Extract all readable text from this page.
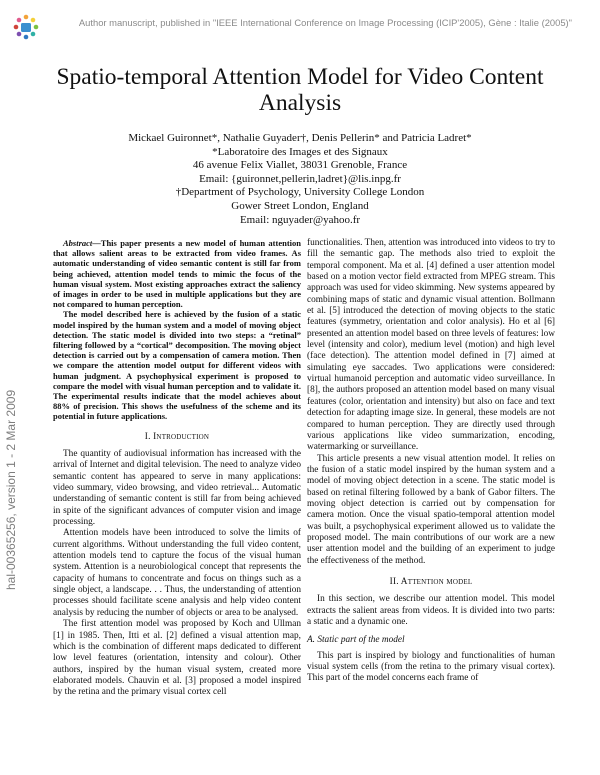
Author manuscript, published in "IEEE International Conference on Image Processing (ICIP'2005), Gène : Italie (2005)"
hal-00365256, version 1 - 2 Mar 2009
Spatio-temporal Attention Model for Video Content Analysis
Mickael Guironnet*, Nathalie Guyader†, Denis Pellerin* and Patricia Ladret*
*Laboratoire des Images et des Signaux
46 avenue Felix Viallet, 38031 Grenoble, France
Email: {guironnet,pellerin,ladret}@lis.inpg.fr
†Department of Psychology, University College London
Gower Street London, England
Email: nguyader@yahoo.fr

Abstract—This paper presents a new model of human attention that allows salient areas to be extracted from video frames. As automatic understanding of video semantic content is still far from being achieved, attention model tends to mimic the focus of the human visual system. Most existing approaches extract the saliency of images in order to be used in multiple applications but they are not compared to human perception.

The model described here is achieved by the fusion of a static model inspired by the human system and a model of moving object detection. The static model is divided into two steps: a “retinal” filtering followed by a “cortical” decomposition. The moving object detection is carried out by a compensation of camera motion. Then we compare the attention model output for different videos with human judgment. A psychophysical experiment is proposed to compare the model with visual human perception and to validate it. The experimental results indicate that the model achieves about 88% of precision. This shows the usefulness of the scheme and its potential in future applications.

I. Introduction

The quantity of audiovisual information has increased with the arrival of Internet and digital television. The need to analyze video semantic content has appeared to serve in many applications: video summary, video browsing, and video retrieval... Automatic understanding of semantic content is still far from being achieved in spite of the significant advances of computer vision and image processing.

Attention models have been introduced to solve the limits of current algorithms. Without understanding the full video content, attention models tend to capture the focus of the visual human system. Attention is a neurobiological concept that represents the capacity of humans to concentrate and focus on things such as a single object, a landscape. . . Thus, the understanding of attention processes should facilitate scene analysis and help video content analysis by reducing the number of objects or area to be analysed.

The first attention model was proposed by Koch and Ullman [1] in 1985. Then, Itti et al. [2] defined a visual attention map, which is the combination of different maps dedicated to different low level features (orientation, intensity and colour). Other authors, inspired by the human visual system, created more elaborated models. Chauvin et al. [3] proposed a model inspired by the retina and the primary visual cortex cell

functionalities. Then, attention was introduced into videos to try to fill the semantic gap. The methods also tried to exploit the temporal component. Ma et al. [4] defined a user attention model based on a motion vector field extracted from MPEG stream. This approach was used for video skimming. New systems appeared by combining maps of static and dynamic visual attention. Bollmann et al. [5] introduced the detection of moving objects to the static features (symmetry, orientation and color analysis). Ho et al [6] presented an attention model based on three levels of features: low level (intensity and color), medium level (motion) and high level (face detection). The attention model defined in [7] aimed at simulating eye saccades. Two applications were considered: virtual humanoid perception and automatic video surveillance. In [8], the authors proposed an attention model based on many visual features (color, orientation and intensity) but also on face and text detection for adapting image size. In general, these models are not compared to human perception. They are directly used through various applications like video summarization, encoding, watermarking or surveillance.

This article presents a new visual attention model. It relies on the fusion of a static model inspired by the human system and a model of moving object detection in a scene. The static model is based on retinal filtering followed by a bank of Gabor filters. The moving object detection is carried out by compensation for camera motion. Once the visual spatio-temporal attention model was built, a psychophysical experiment allowed us to validate the proposed model. The main contributions of our work are a new user attention model and the building of an experiment to judge the effectiveness of the method.

II. Attention model

In this section, we describe our attention model. This model extracts the salient areas from videos. It is divided into two parts: a static and a dynamic one.

A. Static part of the model

This part is inspired by biology and functionalities of human visual system cells (from the retina to the primary visual cortex). This part of the model concerns each frame of
